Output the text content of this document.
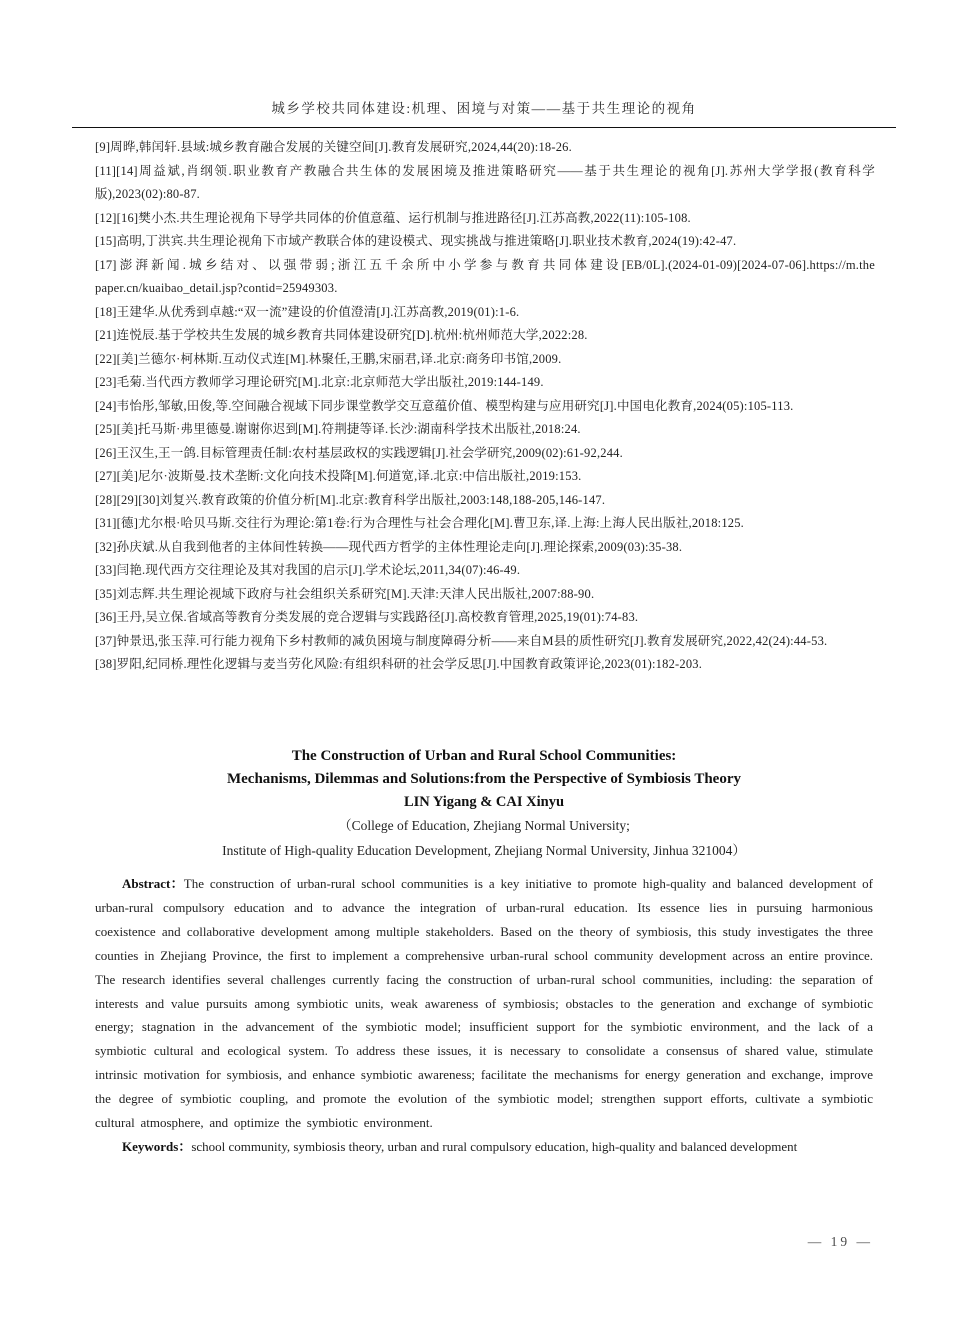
城乡学校共同体建设:机理、困境与对策——基于共生理论的视角

[9]周晔,韩闰轩.县域:城乡教育融合发展的关键空间[J].教育发展研究,2024,44(20):18-26.

[11][14]周益斌,肖纲领.职业教育产教融合共生体的发展困境及推进策略研究——基于共生理论的视角[J].苏州大学学报(教育科学版),2023(02):80-87.

[12][16]樊小杰.共生理论视角下导学共同体的价值意蕴、运行机制与推进路径[J].江苏高教,2022(11):105-108.

[15]高明,丁洪宾.共生理论视角下市域产教联合体的建设模式、现实挑战与推进策略[J].职业技术教育,2024(19):42-47.

[17]澎湃新闻.城乡结对、以强带弱;浙江五千余所中小学参与教育共同体建设[EB/0L].(2024-01-09)[2024-07-06].https://m.the paper.cn/kuaibao_detail.jsp?contid=25949303.

[18]王建华.从优秀到卓越:“双一流”建设的价值澄清[J].江苏高教,2019(01):1-6.

[21]连悦辰.基于学校共生发展的城乡教育共同体建设研究[D].杭州:杭州师范大学,2022:28.

[22][美]兰德尔·柯林斯.互动仪式连[M].林聚任,王鹏,宋丽君,译.北京:商务印书馆,2009.

[23]毛菊.当代西方教师学习理论研究[M].北京:北京师范大学出版社,2019:144-149.

[24]韦怡彤,邹敏,田俊,等.空间融合视域下同步课堂教学交互意蕴价值、模型构建与应用研究[J].中国电化教育,2024(05):105-113.

[25][美]托马斯·弗里德曼.谢谢你迟到[M].符荆捷等译.长沙:湖南科学技术出版社,2018:24.

[26]王汉生,王一鸽.目标管理责任制:农村基层政权的实践逻辑[J].社会学研究,2009(02):61-92,244.

[27][美]尼尔·波斯曼.技术垄断:文化向技术投降[M].何道宽,译.北京:中信出版社,2019:153.

[28][29][30]刘复兴.教育政策的价值分析[M].北京:教育科学出版社,2003:148,188-205,146-147.

[31][德]尤尔根·哈贝马斯.交往行为理论:第1卷:行为合理性与社会合理化[M].曹卫东,译.上海:上海人民出版社,2018:125.

[32]孙庆斌.从自我到他者的主体间性转换——现代西方哲学的主体性理论走向[J].理论探索,2009(03):35-38.

[33]闫艳.现代西方交往理论及其对我国的启示[J].学术论坛,2011,34(07):46-49.

[35]刘志辉.共生理论视域下政府与社会组织关系研究[M].天津:天津人民出版社,2007:88-90.

[36]王丹,吴立保.省域高等教育分类发展的竞合逻辑与实践路径[J].高校教育管理,2025,19(01):74-83.

[37]钟景迅,张玉萍.可行能力视角下乡村教师的减负困境与制度障碍分析——来自M县的质性研究[J].教育发展研究,2022,42(24):44-53.

[38]罗阳,纪同桥.理性化逻辑与麦当劳化风险:有组织科研的社会学反思[J].中国教育政策评论,2023(01):182-203.

The Construction of Urban and Rural School Communities:

Mechanisms, Dilemmas and Solutions:from the Perspective of Symbiosis Theory

LIN Yigang & CAI Xinyu

（College of Education, Zhejiang Normal University;

Institute of High-quality Education Development, Zhejiang Normal University, Jinhua 321004）

Abstract：The construction of urban-rural school communities is a key initiative to promote high-quality and balanced development of urban-rural compulsory education and to advance the integration of urban-rural education. Its essence lies in pursuing harmonious coexistence and collaborative development among multiple stakeholders. Based on the theory of symbiosis, this study investigates the three counties in Zhejiang Province, the first to implement a comprehensive urban-rural school community development across an entire province. The research identifies several challenges currently facing the construction of urban-rural school communities, including: the separation of interests and value pursuits among symbiotic units, weak awareness of symbiosis; obstacles to the generation and exchange of symbiotic energy; stagnation in the advancement of the symbiotic model; insufficient support for the symbiotic environment, and the lack of a symbiotic cultural and ecological system. To address these issues, it is necessary to consolidate a consensus of shared value, stimulate intrinsic motivation for symbiosis, and enhance symbiotic awareness; facilitate the mechanisms for energy generation and exchange, improve the degree of symbiotic coupling, and promote the evolution of the symbiotic model; strengthen support efforts, cultivate a symbiotic cultural atmosphere, and optimize the symbiotic environment.

Keywords：school community, symbiosis theory, urban and rural compulsory education, high-quality and balanced development

— 19 —
